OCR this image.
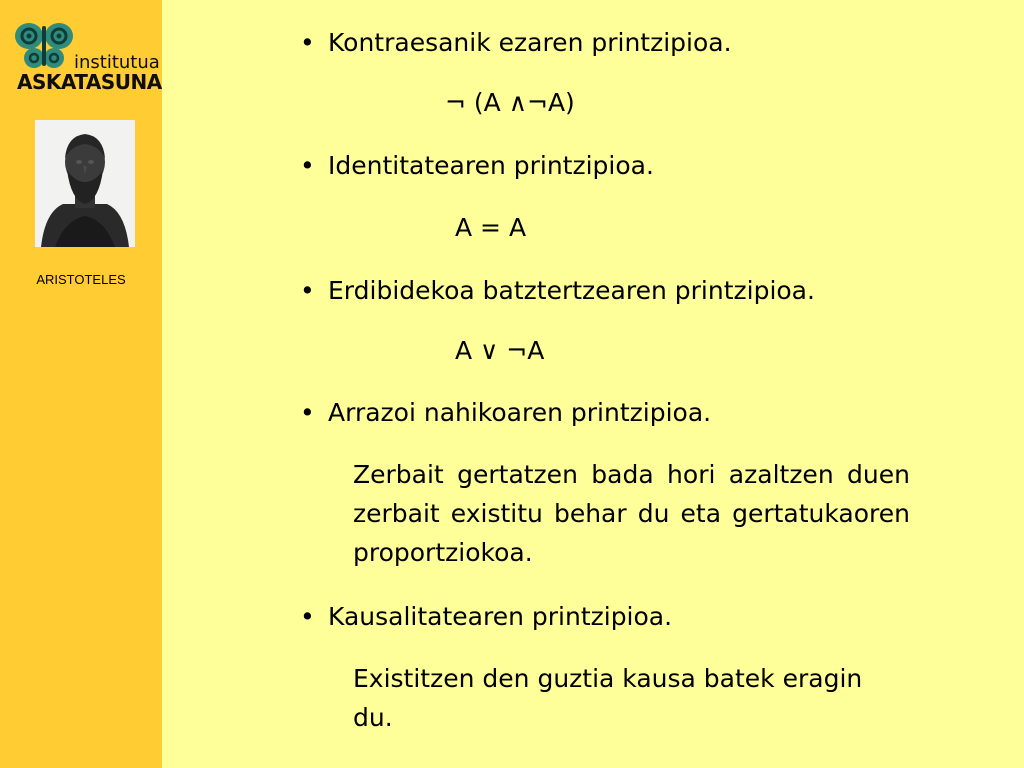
institutua
ASKATASUNA
ARISTOTELES
• Kontraesanik ezaren printzipioa.
¬ (A ∧¬A)
• Identitatearen printzipioa.
A = A
• Erdibidekoa batztertzearen printzipioa.
A ∨ ¬A
• Arrazoi nahikoaren printzipioa.
Zerbait gertatzen bada hori azaltzen duen zerbait existitu behar du eta gertatukaoren proportziokoa.
• Kausalitatearen printzipioa.
Existitzen den guztia kausa batek eragin du.
